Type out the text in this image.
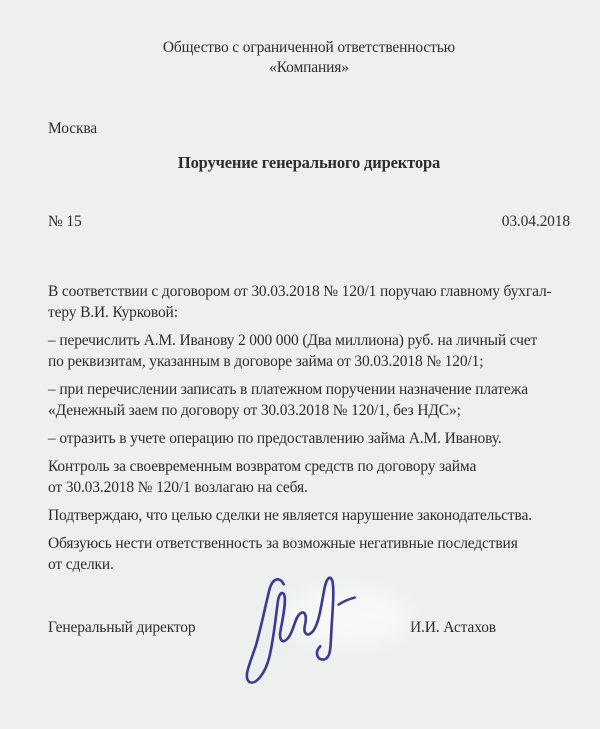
Общество с ограниченной ответственностью
«Компания»
Москва
Поручение генерального директора
№ 15	03.04.2018

В соответствии с договором от 30.03.2018 № 120/1 поручаю главному бухгал-
теру В.И. Курковой:

– перечислить А.М. Иванову 2 000 000 (Два миллиона) руб. на личный счет
по реквизитам, указанным в договоре займа от 30.03.2018 № 120/1;

– при перечислении записать в платежном поручении назначение платежа
«Денежный заем по договору от 30.03.2018 № 120/1, без НДС»;

– отразить в учете операцию по предоставлению займа А.М. Иванову.

Контроль за своевременным возвратом средств по договору займа
от 30.03.2018 № 120/1 возлагаю на себя.

Подтверждаю, что целью сделки не является нарушение законодательства.

Обязуюсь нести ответственность за возможные негативные последствия
от сделки.

Генеральный директор	И.И. Астахов
